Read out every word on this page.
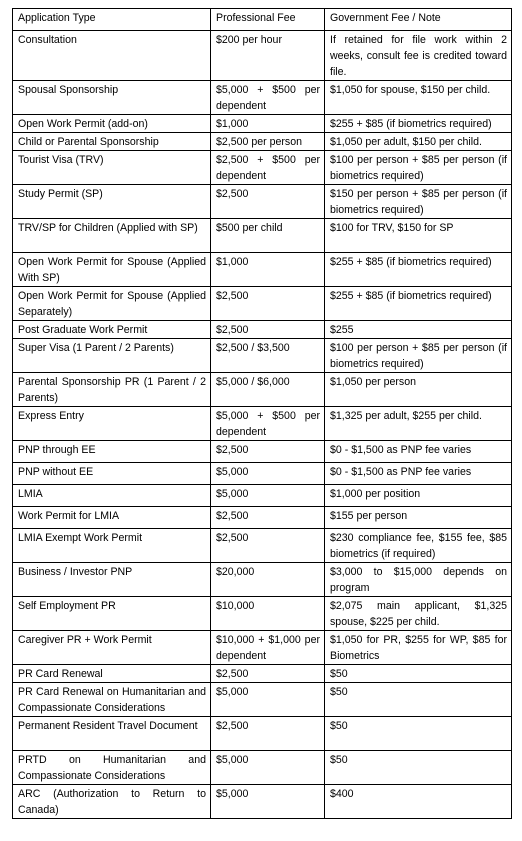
Application Type	Professional Fee	Government Fee / Note
Consultation	$200 per hour	If retained for file work within 2 weeks, consult fee is credited toward file.
Spousal Sponsorship	$5,000 + $500 per dependent	$1,050 for spouse, $150 per child.
Open Work Permit (add-on)	$1,000	$255 + $85 (if biometrics required)
Child or Parental Sponsorship	$2,500 per person	$1,050 per adult, $150 per child.
Tourist Visa (TRV)	$2,500 + $500 per dependent	$100 per person + $85 per person (if biometrics required)
Study Permit (SP)	$2,500	$150 per person + $85 per person (if biometrics required)
TRV/SP for Children (Applied with SP)	$500 per child	$100 for TRV, $150 for SP
Open Work Permit for Spouse (Applied With SP)	$1,000	$255 + $85 (if biometrics required)
Open Work Permit for Spouse (Applied Separately)	$2,500	$255 + $85 (if biometrics required)
Post Graduate Work Permit	$2,500	$255
Super Visa (1 Parent / 2 Parents)	$2,500 / $3,500	$100 per person + $85 per person (if biometrics required)
Parental Sponsorship PR (1 Parent / 2 Parents)	$5,000 / $6,000	$1,050 per person
Express Entry	$5,000 + $500 per dependent	$1,325 per adult, $255 per child.
PNP through EE	$2,500	$0 - $1,500 as PNP fee varies
PNP without EE	$5,000	$0 - $1,500 as PNP fee varies
LMIA	$5,000	$1,000 per position
Work Permit for LMIA	$2,500	$155 per person
LMIA Exempt Work Permit	$2,500	$230 compliance fee, $155 fee, $85 biometrics (if required)
Business / Investor PNP	$20,000	$3,000 to $15,000 depends on program
Self Employment PR	$10,000	$2,075 main applicant, $1,325 spouse, $225 per child.
Caregiver PR + Work Permit	$10,000 + $1,000 per dependent	$1,050 for PR, $255 for WP, $85 for Biometrics
PR Card Renewal	$2,500	$50
PR Card Renewal on Humanitarian and Compassionate Considerations	$5,000	$50
Permanent Resident Travel Document	$2,500	$50
PRTD on Humanitarian and Compassionate Considerations	$5,000	$50
ARC (Authorization to Return to Canada)	$5,000	$400
